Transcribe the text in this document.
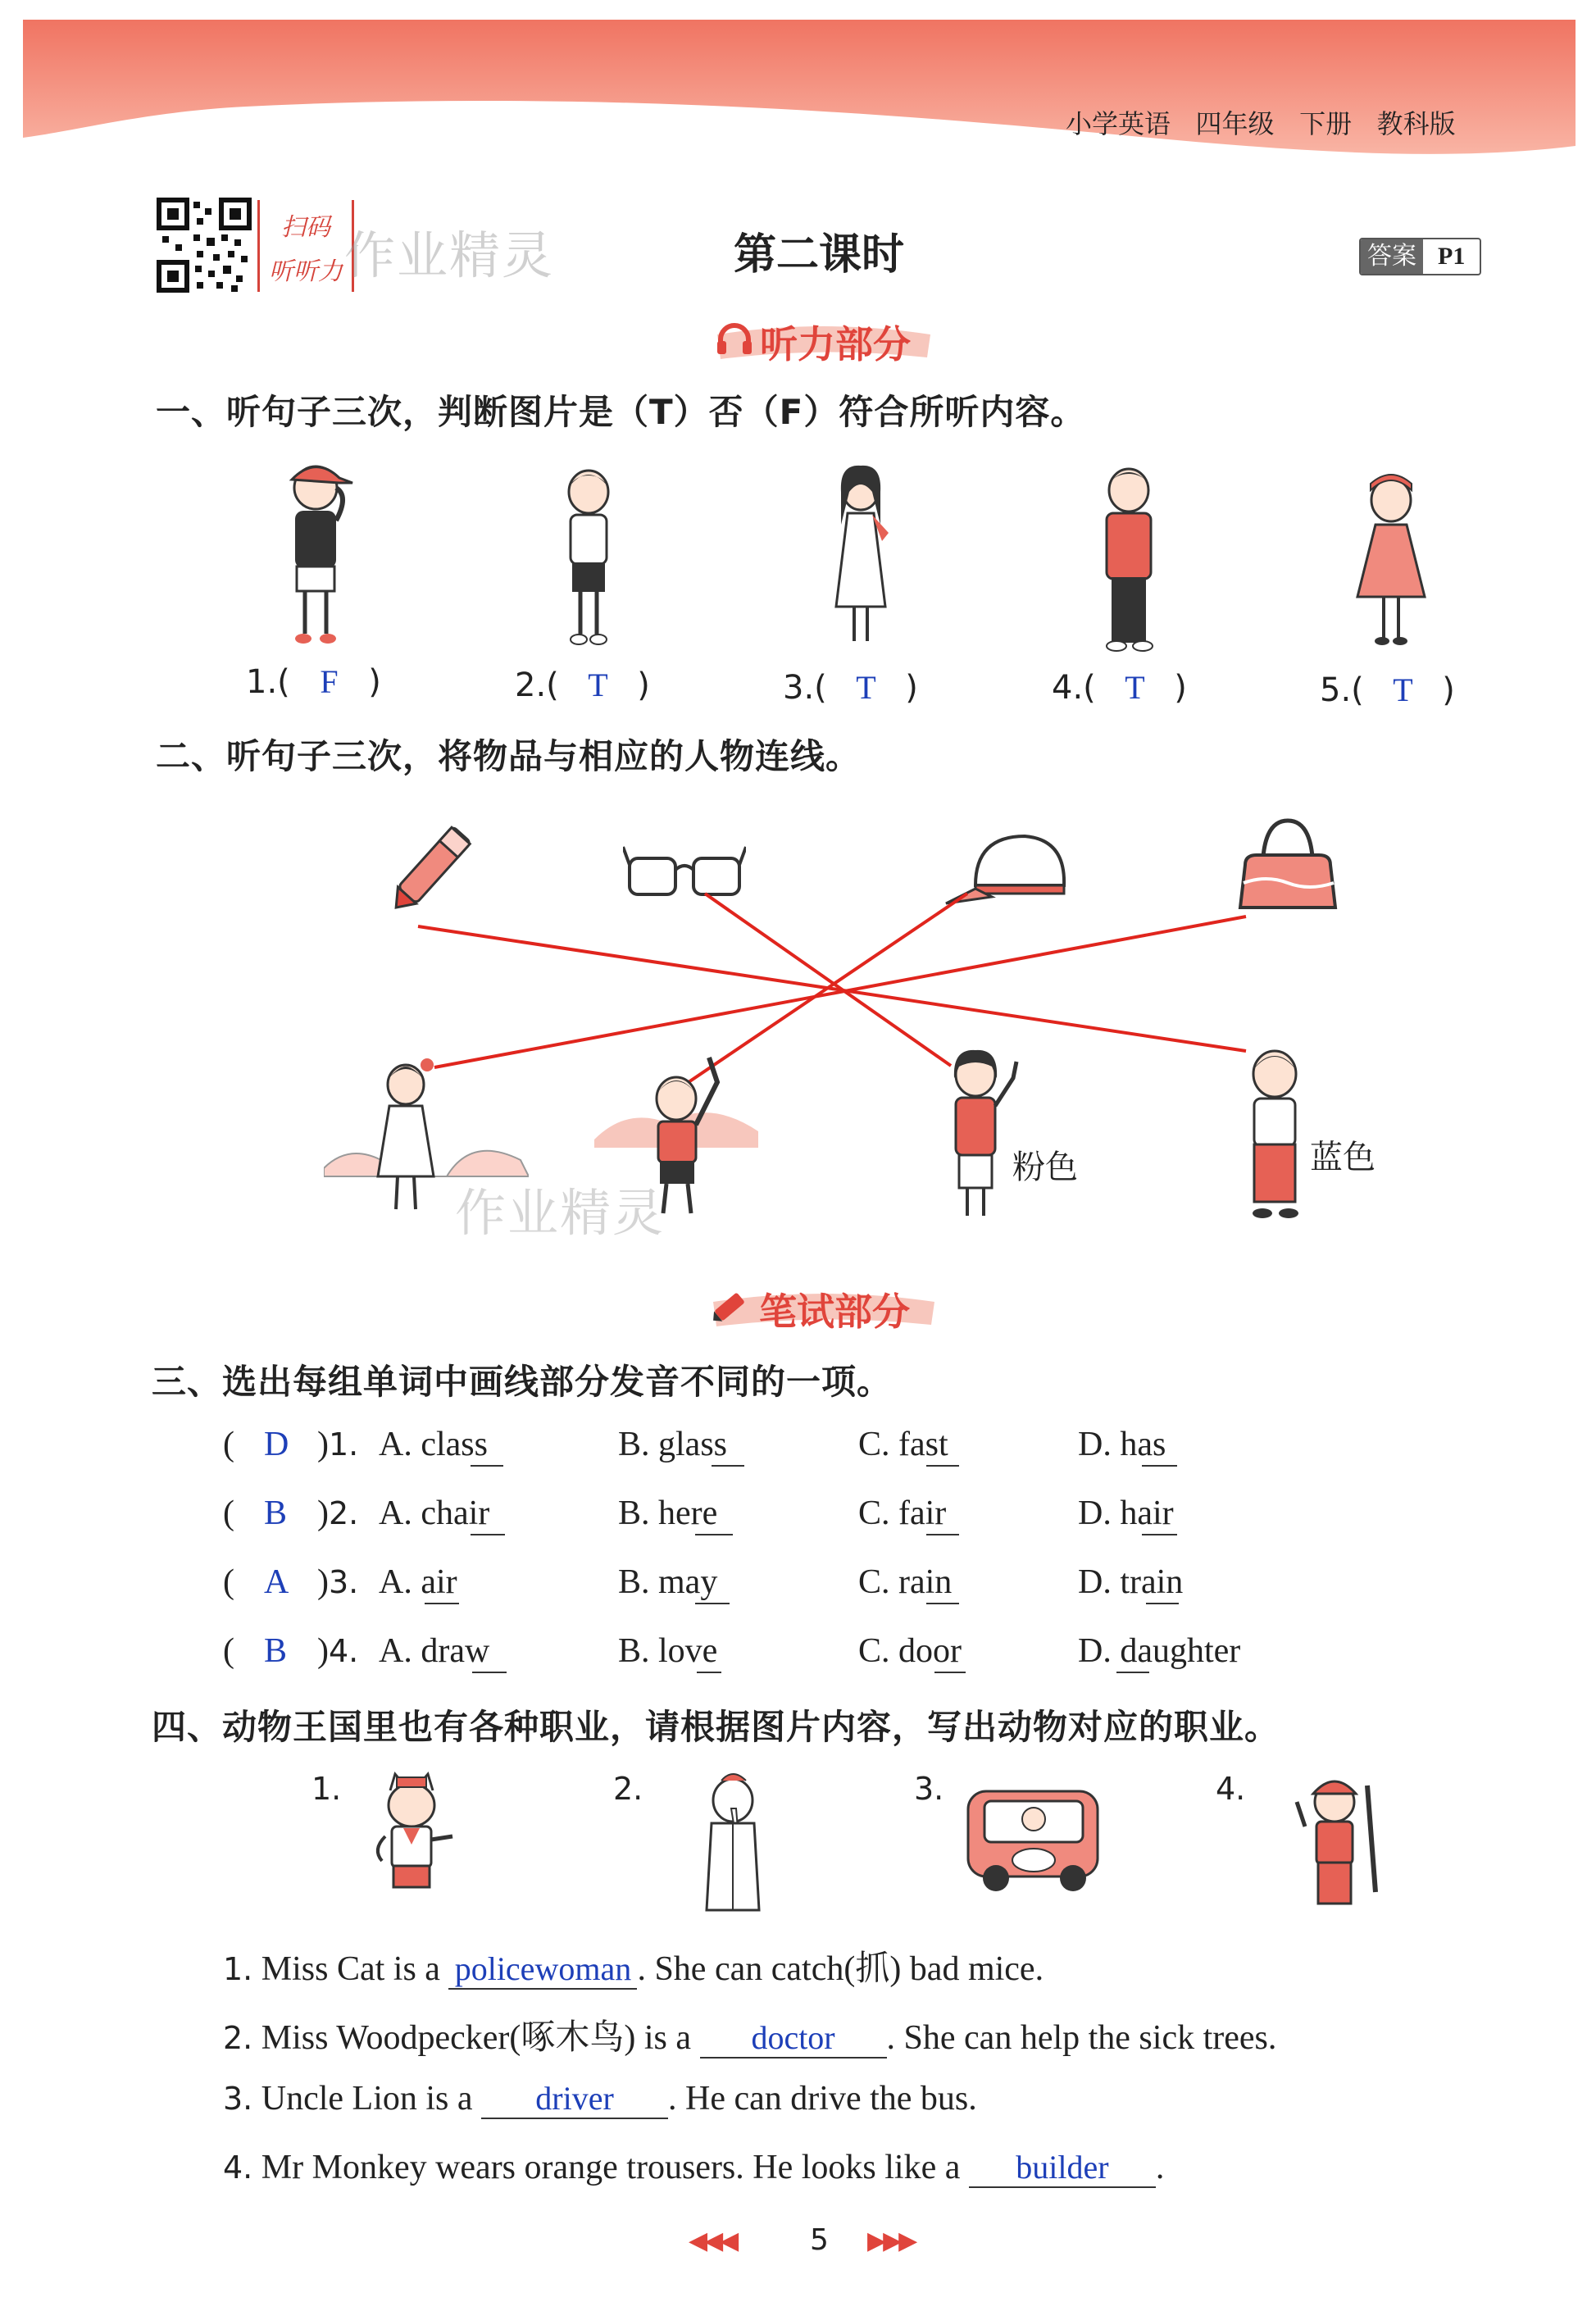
小学英语 四年级 下册 教科版
扫码
听听力 作业精灵	第二课时	答案 P1
听力部分
一、听句子三次，判断图片是（T）否（F）符合所听内容。
1.( F )	2.( T )	3.( T )	4.( T )	5.( T )
二、听句子三次，将物品与相应的人物连线。
粉色	蓝色
作业精灵
笔试部分
三、选出每组单词中画线部分发音不同的一项。
( D )1. A. class	B. glass	C. fast	D. has
( B )2. A. chair	B. here	C. fair	D. hair
( A )3. A. air	B. may	C. rain	D. train
( B )4. A. draw	B. love	C. door	D. daughter
四、动物王国里也有各种职业，请根据图片内容，写出动物对应的职业。
1.	2.	3.	4.
1. Miss Cat is a policewoman . She can catch(抓) bad mice.
2. Miss Woodpecker(啄木鸟) is a doctor . She can help the sick trees.
3. Uncle Lion is a driver . He can drive the bus.
4. Mr Monkey wears orange trousers. He looks like a builder .
◀◀◀	5 ▶▶▶
